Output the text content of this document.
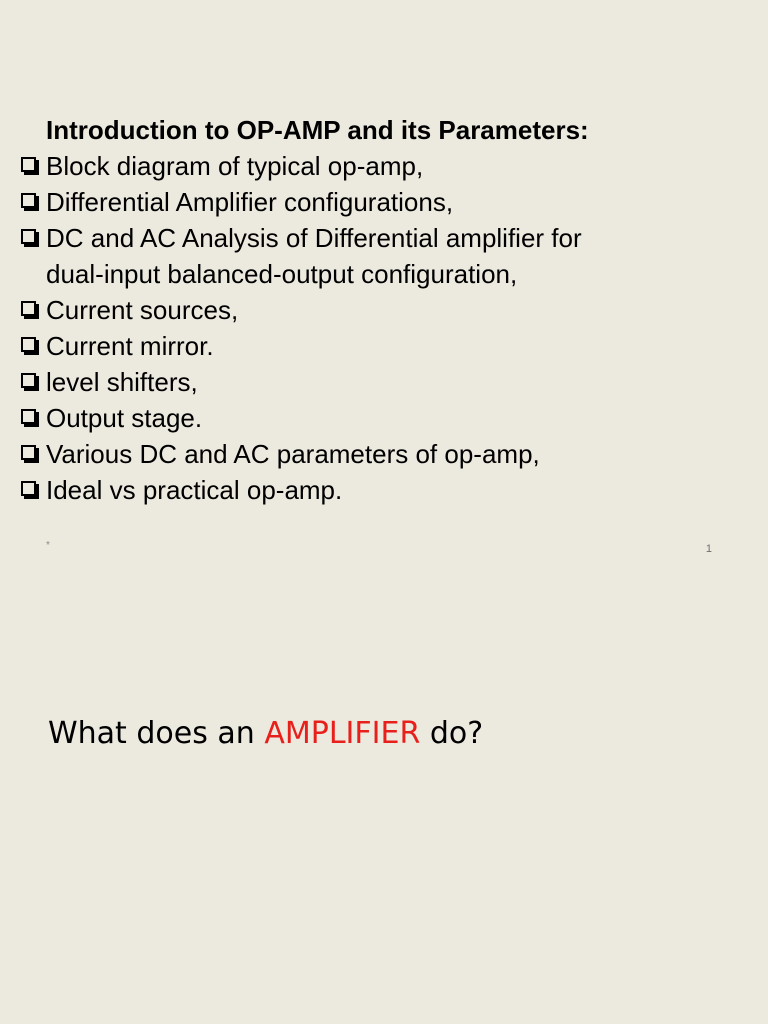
Introduction to OP-AMP and its Parameters:
Block diagram of typical op-amp,
Differential Amplifier configurations,
DC and AC Analysis of Differential amplifier for
dual-input balanced-output configuration,
Current sources,
Current mirror.
level shifters,
Output stage.
Various DC and AC parameters of op-amp,
Ideal vs practical op-amp.
*	1
What does an AMPLIFIER do?
